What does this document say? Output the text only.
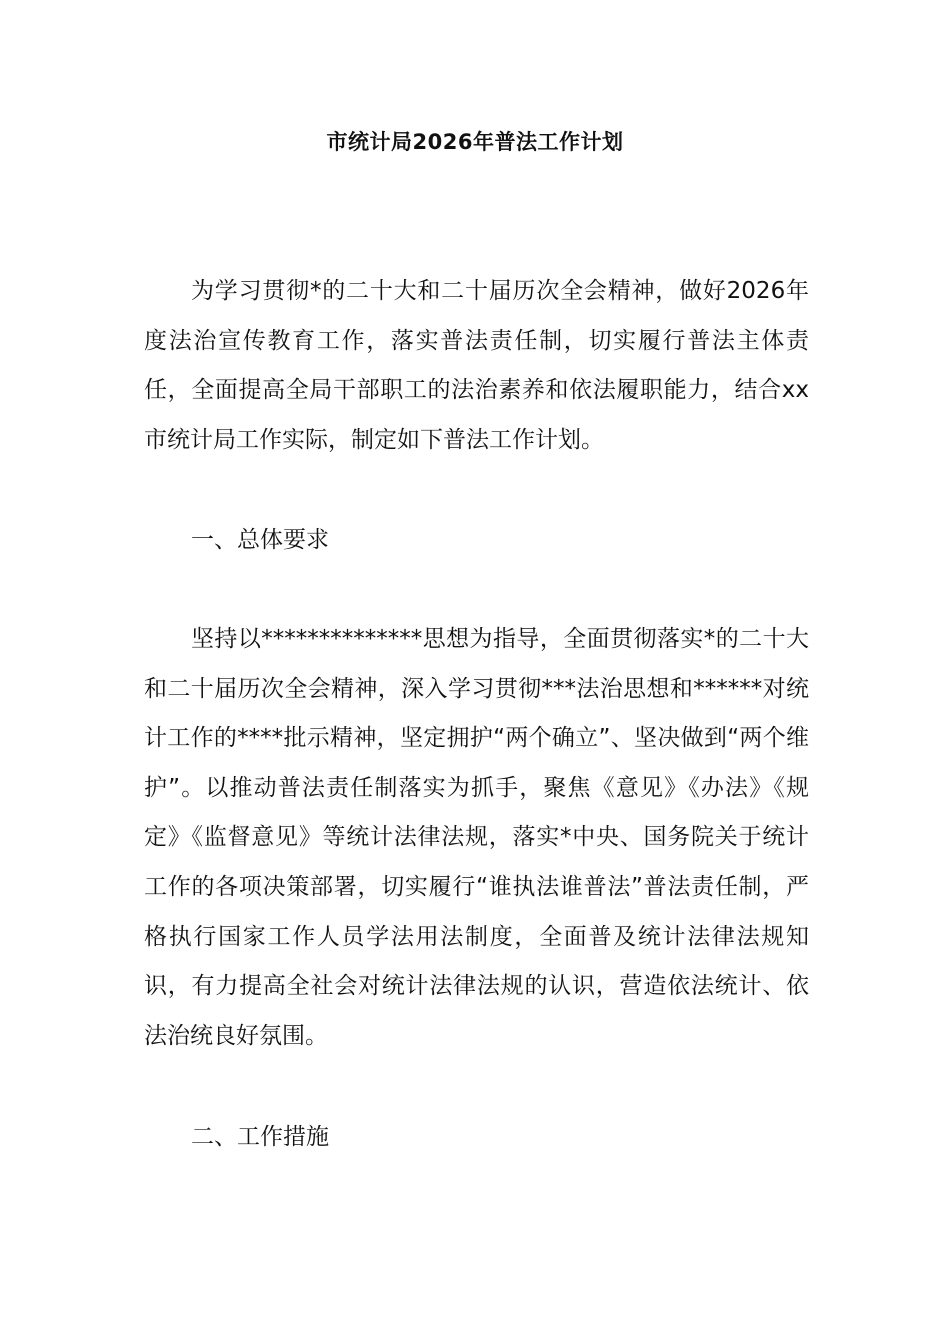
市统计局2026年普法工作计划

为学习贯彻*的二十大和二十届历次全会精神，做好2026年度法治宣传教育工作，落实普法责任制，切实履行普法主体责任，全面提高全局干部职工的法治素养和依法履职能力，结合xx市统计局工作实际，制定如下普法工作计划。

一、总体要求

坚持以**************思想为指导，全面贯彻落实*的二十大和二十届历次全会精神，深入学习贯彻***法治思想和******对统计工作的****批示精神，坚定拥护“两个确立”、坚决做到“两个维护”。以推动普法责任制落实为抓手，聚焦《意见》《办法》《规定》《监督意见》等统计法律法规，落实*中央、国务院关于统计工作的各项决策部署，切实履行“谁执法谁普法”普法责任制，严格执行国家工作人员学法用法制度，全面普及统计法律法规知识，有力提高全社会对统计法律法规的认识，营造依法统计、依法治统良好氛围。

二、工作措施
